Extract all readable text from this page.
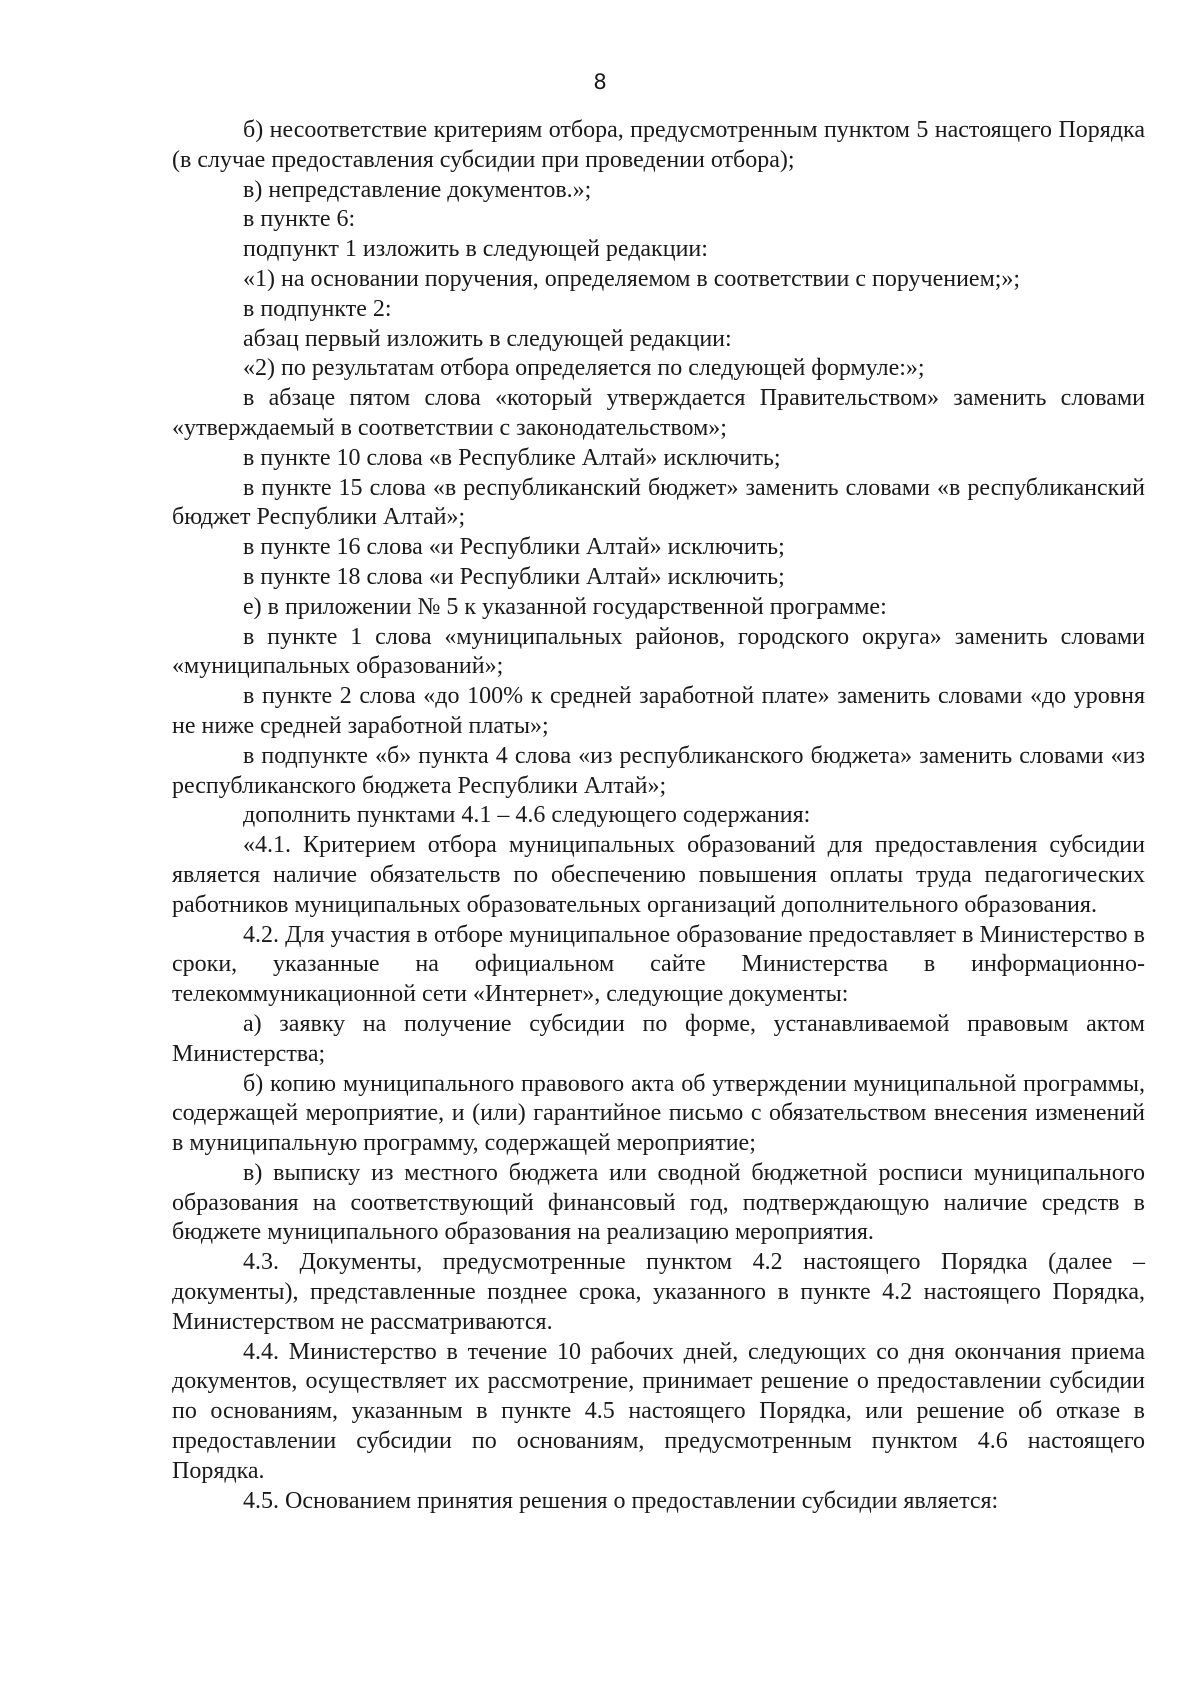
8

б) несоответствие критериям отбора, предусмотренным пунктом 5 настоящего Порядка (в случае предоставления субсидии при проведении отбора);

в) непредставление документов.»;

в пункте 6:

подпункт 1 изложить в следующей редакции:

«1) на основании поручения, определяемом в соответствии с поручением;»;

в подпункте 2:

абзац первый изложить в следующей редакции:

«2) по результатам отбора определяется по следующей формуле:»;

в абзаце пятом слова «который утверждается Правительством» заменить словами «утверждаемый в соответствии с законодательством»;

в пункте 10 слова «в Республике Алтай» исключить;

в пункте 15 слова «в республиканский бюджет» заменить словами «в республиканский бюджет Республики Алтай»;

в пункте 16 слова «и Республики Алтай» исключить;

в пункте 18 слова «и Республики Алтай» исключить;

е) в приложении № 5 к указанной государственной программе:

в пункте 1 слова «муниципальных районов, городского округа» заменить словами «муниципальных образований»;

в пункте 2 слова «до 100% к средней заработной плате» заменить словами «до уровня не ниже средней заработной платы»;

в подпункте «б» пункта 4 слова «из республиканского бюджета» заменить словами «из республиканского бюджета Республики Алтай»;

дополнить пунктами 4.1 – 4.6 следующего содержания:

«4.1. Критерием отбора муниципальных образований для предоставления субсидии является наличие обязательств по обеспечению повышения оплаты труда педагогических работников муниципальных образовательных организаций дополнительного образования.

4.2. Для участия в отборе муниципальное образование предоставляет в Министерство в сроки, указанные на официальном сайте Министерства в информационно- телекоммуникационной сети «Интернет», следующие документы:

а) заявку на получение субсидии по форме, устанавливаемой правовым актом Министерства;

б) копию муниципального правового акта об утверждении муниципальной программы, содержащей мероприятие, и (или) гарантийное письмо с обязательством внесения изменений в муниципальную программу, содержащей мероприятие;

в) выписку из местного бюджета или сводной бюджетной росписи муниципального образования на соответствующий финансовый год, подтверждающую наличие средств в бюджете муниципального образования на реализацию мероприятия.

4.3. Документы, предусмотренные пунктом 4.2 настоящего Порядка (далее – документы), представленные позднее срока, указанного в пункте 4.2 настоящего Порядка, Министерством не рассматриваются.

4.4. Министерство в течение 10 рабочих дней, следующих со дня окончания приема документов, осуществляет их рассмотрение, принимает решение о предоставлении субсидии по основаниям, указанным в пункте 4.5 настоящего Порядка, или решение об отказе в предоставлении субсидии по основаниям, предусмотренным пунктом 4.6 настоящего Порядка.

4.5. Основанием принятия решения о предоставлении субсидии является:
